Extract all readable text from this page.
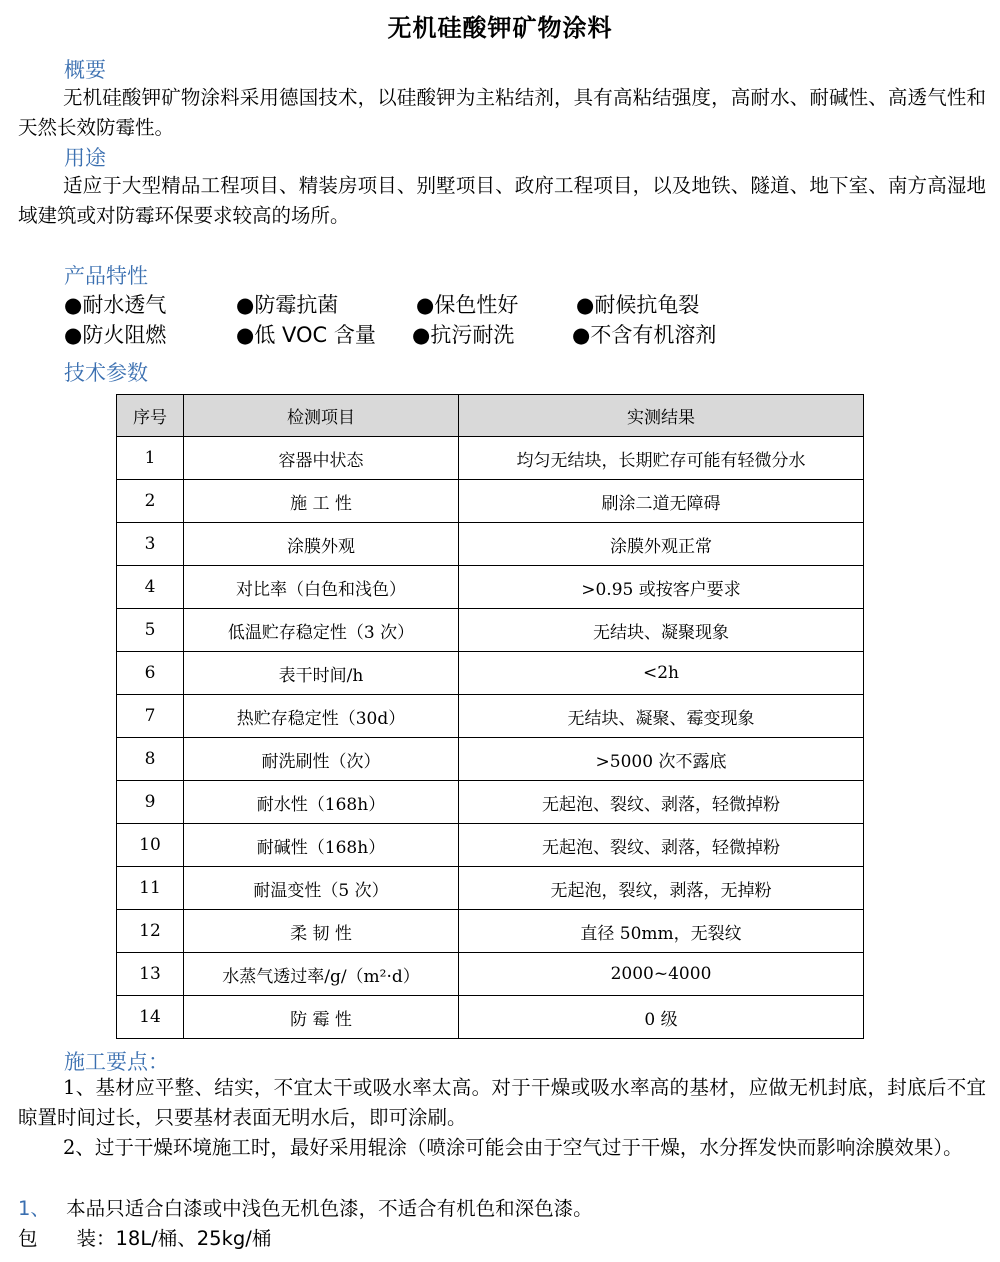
无机硅酸钾矿物涂料
概要
无机硅酸钾矿物涂料采用德国技术，以硅酸钾为主粘结剂，具有高粘结强度，高耐水、耐碱性、高透气性和天然长效防霉性。
用途
适应于大型精品工程项目、精装房项目、别墅项目、政府工程项目，以及地铁、隧道、地下室、南方高湿地域建筑或对防霉环保要求较高的场所。
产品特性
●耐水透气	●防霉抗菌	●保色性好	●耐候抗龟裂
●防火阻燃	●低 VOC 含量 ●抗污耐洗	●不含有机溶剂
技术参数
序号	检测项目	实测结果
1	容器中状态	均匀无结块，长期贮存可能有轻微分水
2	施 工 性	刷涂二道无障碍
3	涂膜外观	涂膜外观正常
4	对比率（白色和浅色）	>0.95 或按客户要求
5	低温贮存稳定性（3 次）	无结块、凝聚现象
6	表干时间/h	<2h
7	热贮存稳定性（30d）	无结块、凝聚、霉变现象
8	耐洗刷性（次）	>5000 次不露底
9	耐水性（168h）	无起泡、裂纹、剥落，轻微掉粉
10	耐碱性（168h）	无起泡、裂纹、剥落，轻微掉粉
11	耐温变性（5 次）	无起泡，裂纹，剥落，无掉粉
12	柔 韧 性	直径 50mm，无裂纹
13	水蒸气透过率/g/（m²·d）	2000~4000
14	防 霉 性	0 级
施工要点：
1、基材应平整、结实，不宜太干或吸水率太高。对于干燥或吸水率高的基材，应做无机封底，封底后不宜晾置时间过长，只要基材表面无明水后，即可涂刷。
2、过于干燥环境施工时，最好采用辊涂（喷涂可能会由于空气过于干燥，水分挥发快而影响涂膜效果）。
1、 本品只适合白漆或中浅色无机色漆，不适合有机色和深色漆。
包　　装：18L/桶、25kg/桶
